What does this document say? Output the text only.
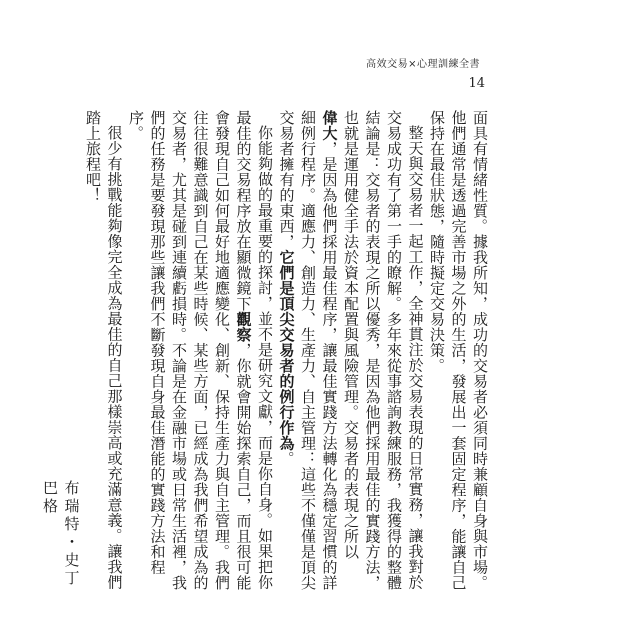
高效交易×心理訓練全書
14

面具有情緒性質。據我所知，成功的交易者必須同時兼顧自身與市場。他們通常是透過完善市場之外的生活，發展出一套固定程序，能讓自己保持在最佳狀態，隨時擬定交易決策。

整天與交易者一起工作，全神貫注於交易表現的日常實務，讓我對於交易成功有了第一手的瞭解。多年來從事諮詢教練服務，我獲得的整體結論是：交易者的表現之所以優秀，是因為他們採用最佳的實踐方法，也就是運用健全手法於資本配置與風險管理。交易者的表現之所以

偉大，是因為他們採用最佳程序，讓最佳實踐方法轉化為穩定習慣的詳細例行程序。適應力、創造力、生產力、自主管理：這些不僅僅是頂尖交易者擁有的東西，它們是頂尖交易者的例行作為。

你能夠做的最重要的探討，並不是研究文獻，而是你自身。如果把你最佳的交易程序放在顯微鏡下觀察，你就會開始探索自己，而且很可能會發現自己如何最好地適應變化、創新、保持生產力與自主管理。我們往往很難意識到自己在某些時候、某些方面，已經成為我們希望成為的交易者，尤其是碰到連續虧損時。不論是在金融市場或日常生活裡，我們的任務是要發現那些讓我們不斷發現自身最佳潛能的實踐方法和程序。

很少有挑戰能夠像完全成為最佳的自己那樣崇高或充滿意義。讓我們踏上旅程吧！

布瑞特・史丁巴格
